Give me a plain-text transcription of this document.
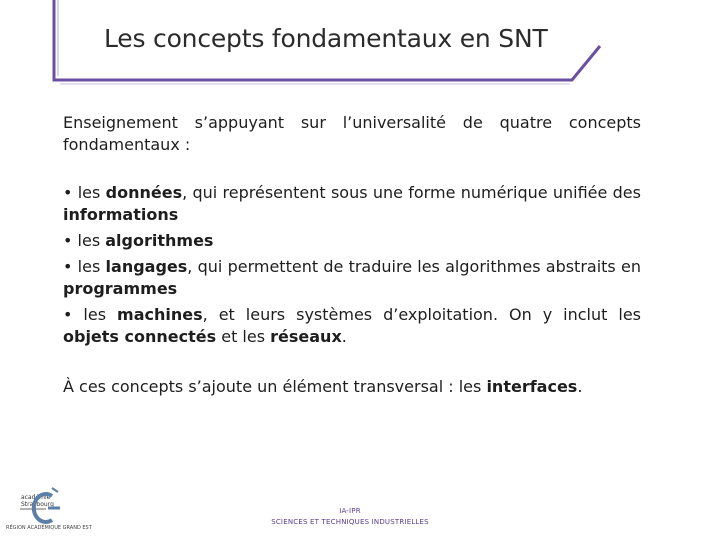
Les concepts fondamentaux en SNT

Enseignement s’appuyant sur l’universalité de quatre concepts fondamentaux :

• les données, qui représentent sous une forme numérique unifiée des informations

• les algorithmes

• les langages, qui permettent de traduire les algorithmes abstraits en programmes

• les machines, et leurs systèmes d’exploitation. On y inclut les objets connectés et les réseaux.

À ces concepts s’ajoute un élément transversal : les interfaces.

académie
Strasbourg
RÉGION ACADÉMIQUE GRAND EST
IA-IPR
SCIENCES ET TECHNIQUES INDUSTRIELLES
